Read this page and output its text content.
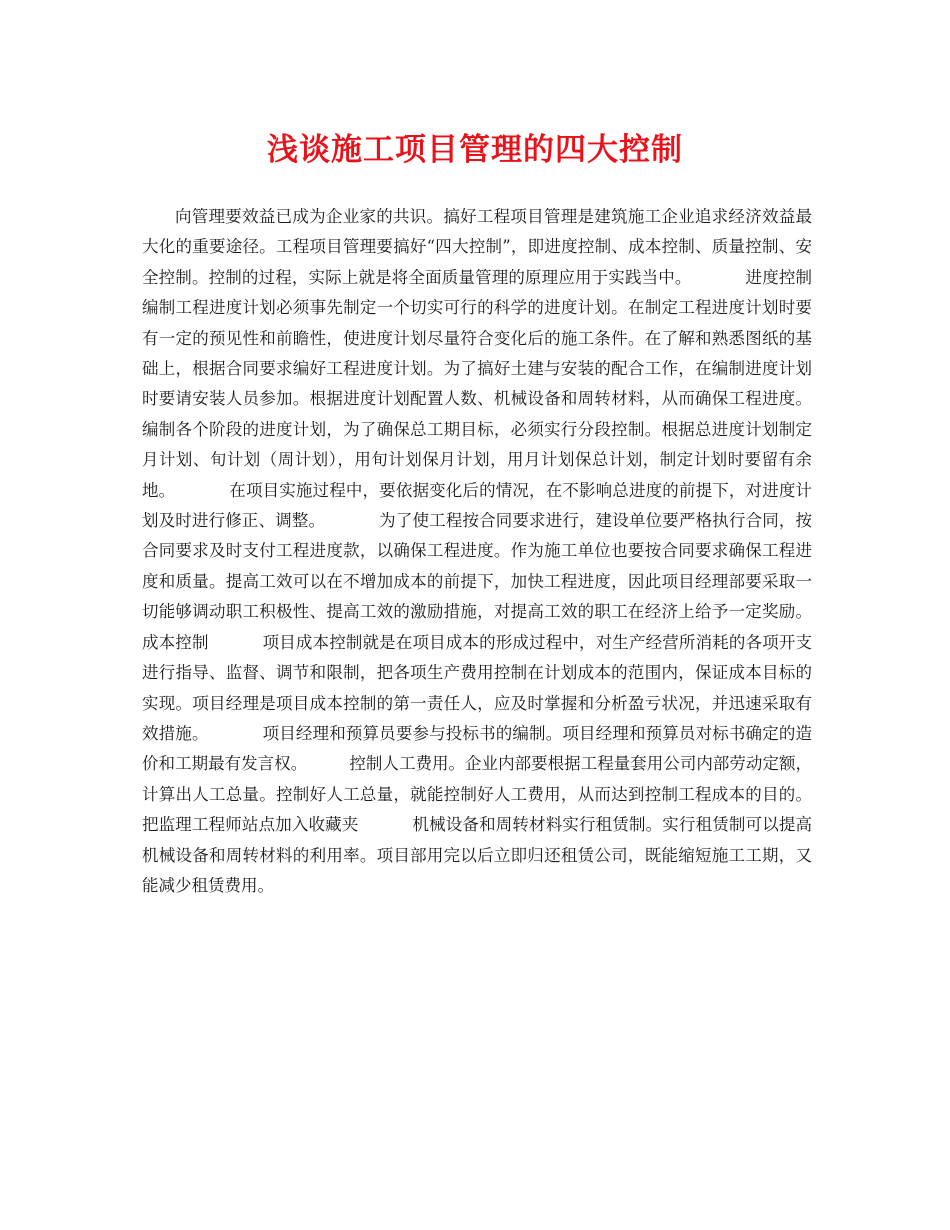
浅谈施工项目管理的四大控制

向管理要效益已成为企业家的共识。搞好工程项目管理是建筑施工企业追求经济效益最大化的重要途径。工程项目管理要搞好“四大控制”，即进度控制、成本控制、质量控制、安全控制。控制的过程，实际上就是将全面质量管理的原理应用于实践当中。          进度控制          编制工程进度计划必须事先制定一个切实可行的科学的进度计划。在制定工程进度计划时要有一定的预见性和前瞻性，使进度计划尽量符合变化后的施工条件。在了解和熟悉图纸的基础上，根据合同要求编好工程进度计划。为了搞好土建与安装的配合工作，在编制进度计划时要请安装人员参加。根据进度计划配置人数、机械设备和周转材料，从而确保工程进度。编制各个阶段的进度计划，为了确保总工期目标，必须实行分段控制。根据总进度计划制定月计划、旬计划（周计划），用旬计划保月计划，用月计划保总计划，制定计划时要留有余地。          在项目实施过程中，要依据变化后的情况，在不影响总进度的前提下，对进度计划及时进行修正、调整。          为了使工程按合同要求进行，建设单位要严格执行合同，按合同要求及时支付工程进度款，以确保工程进度。作为施工单位也要按合同要求确保工程进度和质量。提高工效可以在不增加成本的前提下，加快工程进度，因此项目经理部要采取一切能够调动职工积极性、提高工效的激励措施，对提高工效的职工在经济上给予一定奖励。          成本控制          项目成本控制就是在项目成本的形成过程中，对生产经营所消耗的各项开支进行指导、监督、调节和限制，把各项生产费用控制在计划成本的范围内，保证成本目标的实现。项目经理是项目成本控制的第一责任人，应及时掌握和分析盈亏状况，并迅速采取有效措施。          项目经理和预算员要参与投标书的编制。项目经理和预算员对标书确定的造价和工期最有发言权。        控制人工费用。企业内部要根据工程量套用公司内部劳动定额，计算出人工总量。控制好人工总量，就能控制好人工费用，从而达到控制工程成本的目的。把监理工程师站点加入收藏夹          机械设备和周转材料实行租赁制。实行租赁制可以提高机械设备和周转材料的利用率。项目部用完以后立即归还租赁公司，既能缩短施工工期，又能减少租赁费用。
